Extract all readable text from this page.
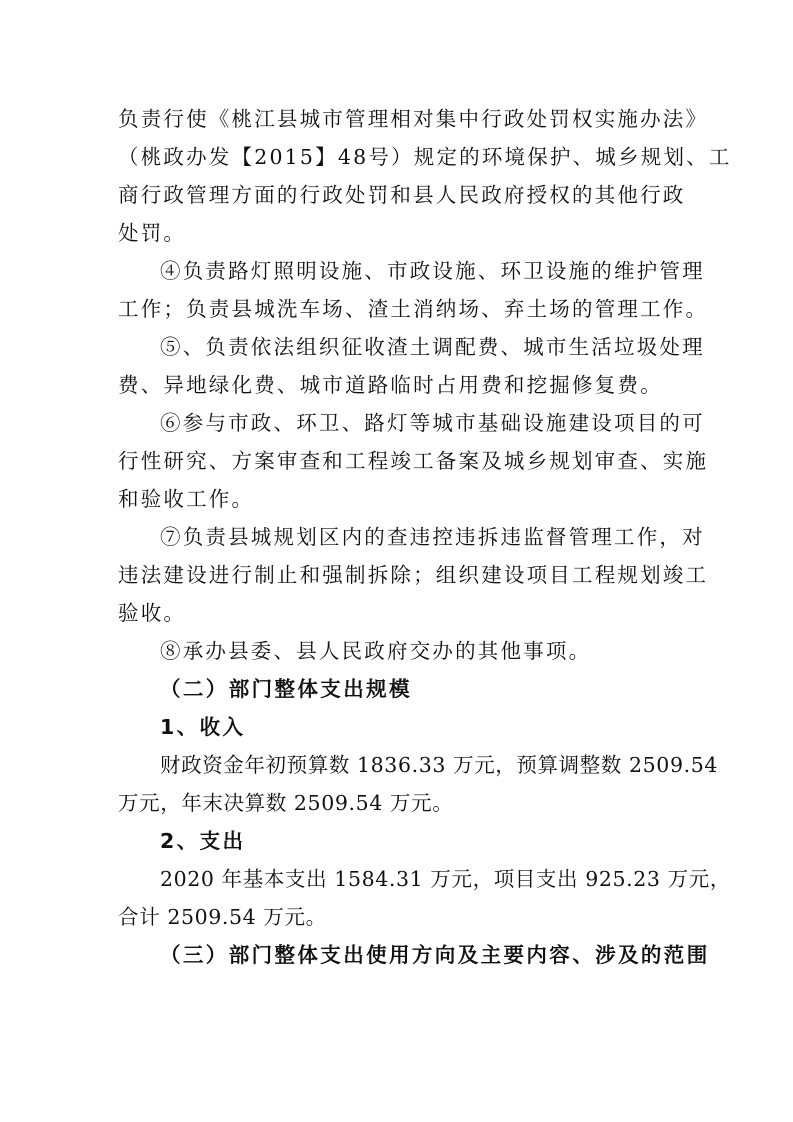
负责行使《桃江县城市管理相对集中行政处罚权实施办法》
（桃政办发【2015】48号）规定的环境保护、城乡规划、工
商行政管理方面的行政处罚和县人民政府授权的其他行政
处罚。
④负责路灯照明设施、市政设施、环卫设施的维护管理
工作；负责县城洗车场、渣土消纳场、弃土场的管理工作。
⑤、负责依法组织征收渣土调配费、城市生活垃圾处理
费、异地绿化费、城市道路临时占用费和挖掘修复费。
⑥参与市政、环卫、路灯等城市基础设施建设项目的可
行性研究、方案审查和工程竣工备案及城乡规划审查、实施
和验收工作。
⑦负责县城规划区内的查违控违拆违监督管理工作，对
违法建设进行制止和强制拆除；组织建设项目工程规划竣工
验收。
⑧承办县委、县人民政府交办的其他事项。
（二）部门整体支出规模
1、收入
财政资金年初预算数 1836.33 万元，预算调整数 2509.54
万元，年末决算数 2509.54 万元。
2、支出
2020 年基本支出 1584.31 万元，项目支出 925.23 万元，
合计 2509.54 万元。
（三）部门整体支出使用方向及主要内容、涉及的范围
